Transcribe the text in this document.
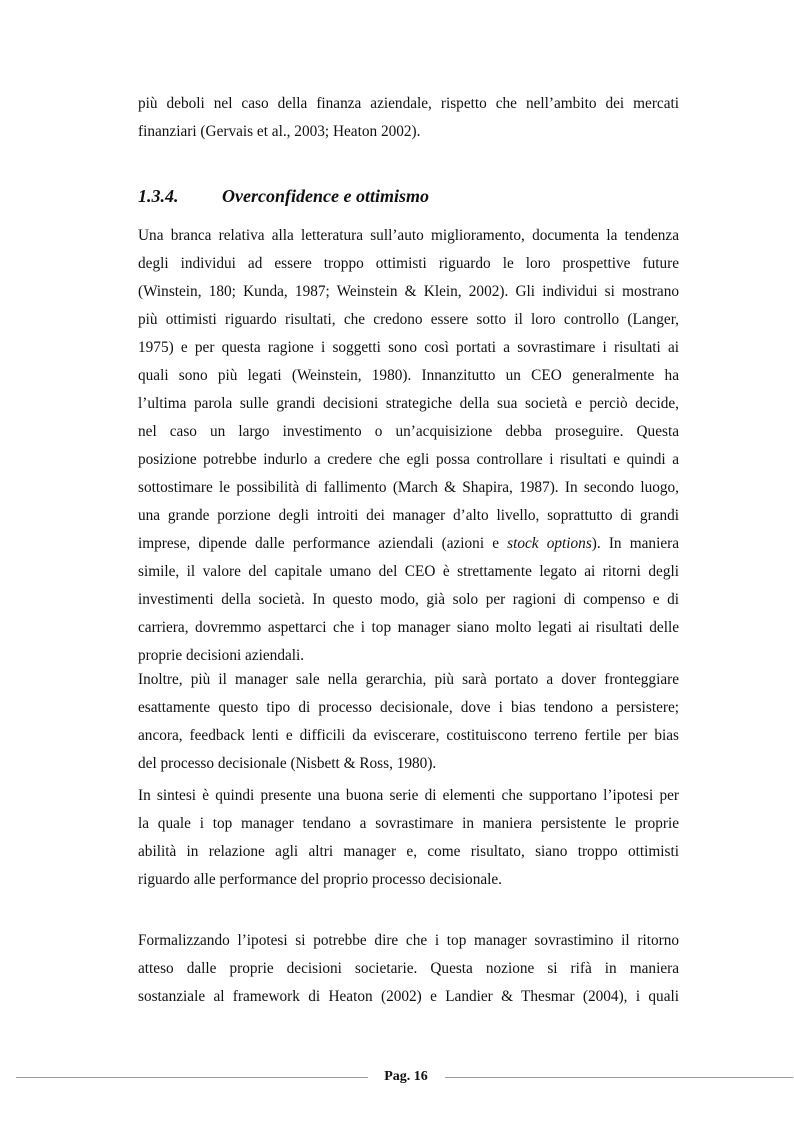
più deboli nel caso della finanza aziendale, rispetto che nell’ambito dei mercati

finanziari (Gervais et al., 2003; Heaton 2002).

1.3.4. Overconfidence e ottimismo

Una branca relativa alla letteratura sull’auto miglioramento, documenta la tendenza

degli individui ad essere troppo ottimisti riguardo le loro prospettive future

(Winstein, 180; Kunda, 1987; Weinstein & Klein, 2002). Gli individui si mostrano

più ottimisti riguardo risultati, che credono essere sotto il loro controllo (Langer,

1975) e per questa ragione i soggetti sono così portati a sovrastimare i risultati ai

quali sono più legati (Weinstein, 1980). Innanzitutto un CEO generalmente ha

l’ultima parola sulle grandi decisioni strategiche della sua società e perciò decide,

nel caso un largo investimento o un’acquisizione debba proseguire. Questa

posizione potrebbe indurlo a credere che egli possa controllare i risultati e quindi a

sottostimare le possibilità di fallimento (March & Shapira, 1987). In secondo luogo,

una grande porzione degli introiti dei manager d’alto livello, soprattutto di grandi

imprese, dipende dalle performance aziendali (azioni e stock options). In maniera

simile, il valore del capitale umano del CEO è strettamente legato ai ritorni degli

investimenti della società. In questo modo, già solo per ragioni di compenso e di

carriera, dovremmo aspettarci che i top manager siano molto legati ai risultati delle

proprie decisioni aziendali.

Inoltre, più il manager sale nella gerarchia, più sarà portato a dover fronteggiare

esattamente questo tipo di processo decisionale, dove i bias tendono a persistere;

ancora, feedback lenti e difficili da eviscerare, costituiscono terreno fertile per bias

del processo decisionale (Nisbett & Ross, 1980).

In sintesi è quindi presente una buona serie di elementi che supportano l’ipotesi per

la quale i top manager tendano a sovrastimare in maniera persistente le proprie

abilità in relazione agli altri manager e, come risultato, siano troppo ottimisti

riguardo alle performance del proprio processo decisionale.

Formalizzando l’ipotesi si potrebbe dire che i top manager sovrastimino il ritorno

atteso dalle proprie decisioni societarie. Questa nozione si rifà in maniera

sostanziale al framework di Heaton (2002) e Landier & Thesmar (2004), i quali

Pag. 16
